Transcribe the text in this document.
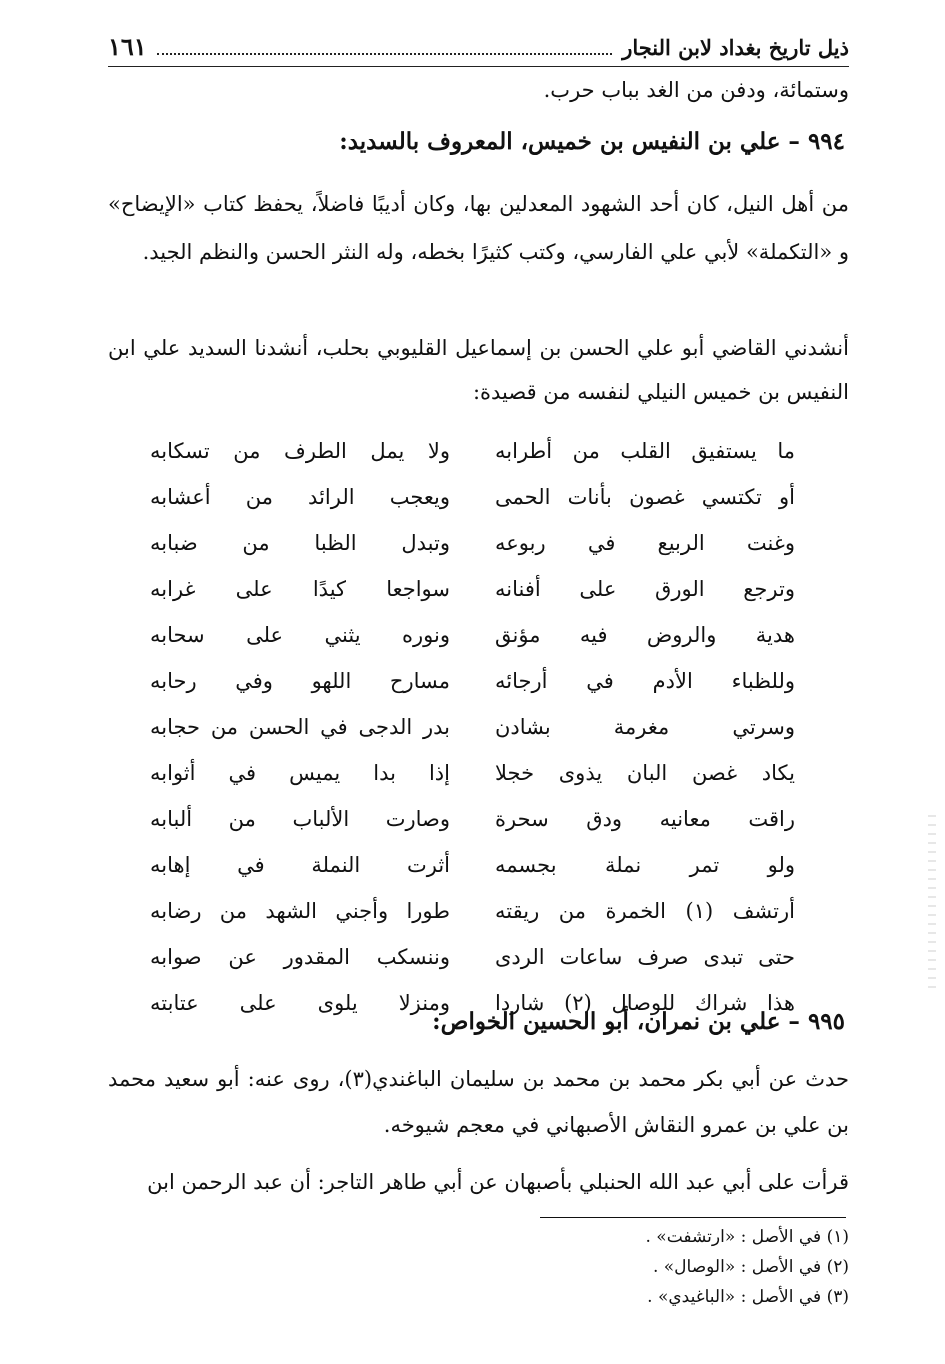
ذيل تاريخ بغداد لابن النجار
١٦١
وستمائة، ودفن من الغد بباب حرب.
٩٩٤ – علي بن النفيس بن خميس، المعروف بالسديد:
من أهل النيل، كان أحد الشهود المعدلين بها، وكان أديبًا فاضلاً، يحفظ كتاب «الإيضاح» و «التكملة» لأبي علي الفارسي، وكتب كثيرًا بخطه، وله النثر الحسن والنظم الجيد.
أنشدني القاضي أبو علي الحسن بن إسماعيل القليوبي بحلب، أنشدنا السديد علي ابن النفيس بن خميس النيلي لنفسه من قصيدة:
ما يستفيق القلب من أطرابه
ولا يمل الطرف من تسكابه
أو تكتسي غصون بأنات الحمى
ويعجب الرائد من أعشابه
وغنت الربيع في ربوعه
وتبدل الظبا من ضبابه
وترجع الورق على أفنانه
سواجعا كيدًا على غرابه
هدية والروض فيه مؤنق
ونوره يثني على سحابه
وللظباء الأدم في أرجائه
مسارح اللهو وفي رحابه
وسرتي مغرمة بشادن
بدر الدجى في الحسن من حجابه
يكاد غصن البان يذوى خجلا
إذا بدا يميس في أثوابه
راقت معانيه ودق سحرة
وصارت الألباب من ألبابه
ولو تمر نملة بجسمه
أثرت النملة في إهابه
أرتشف (١) الخمرة من ريقته
طورا وأجني الشهد من رضابه
حتى تبدى صرف ساعات الردى
وننسكب المقدور عن صوابه
هذا شراك للوصال (٢) شاردا
ومنزلا يلوى على عتابته
٩٩٥ – علي بن نمران، أبو الحسين الخواص:
حدث عن أبي بكر محمد بن محمد بن سليمان الباغندي(٣)، روى عنه: أبو سعيد محمد بن علي بن عمرو النقاش الأصبهاني في معجم شيوخه.
قرأت على أبي عبد الله الحنبلي بأصبهان عن أبي طاهر التاجر: أن عبد الرحمن ابن
(١) في الأصل : «ارتشفت» .
(٢) في الأصل : «الوصال» .
(٣) في الأصل : «الباغيدي» .
